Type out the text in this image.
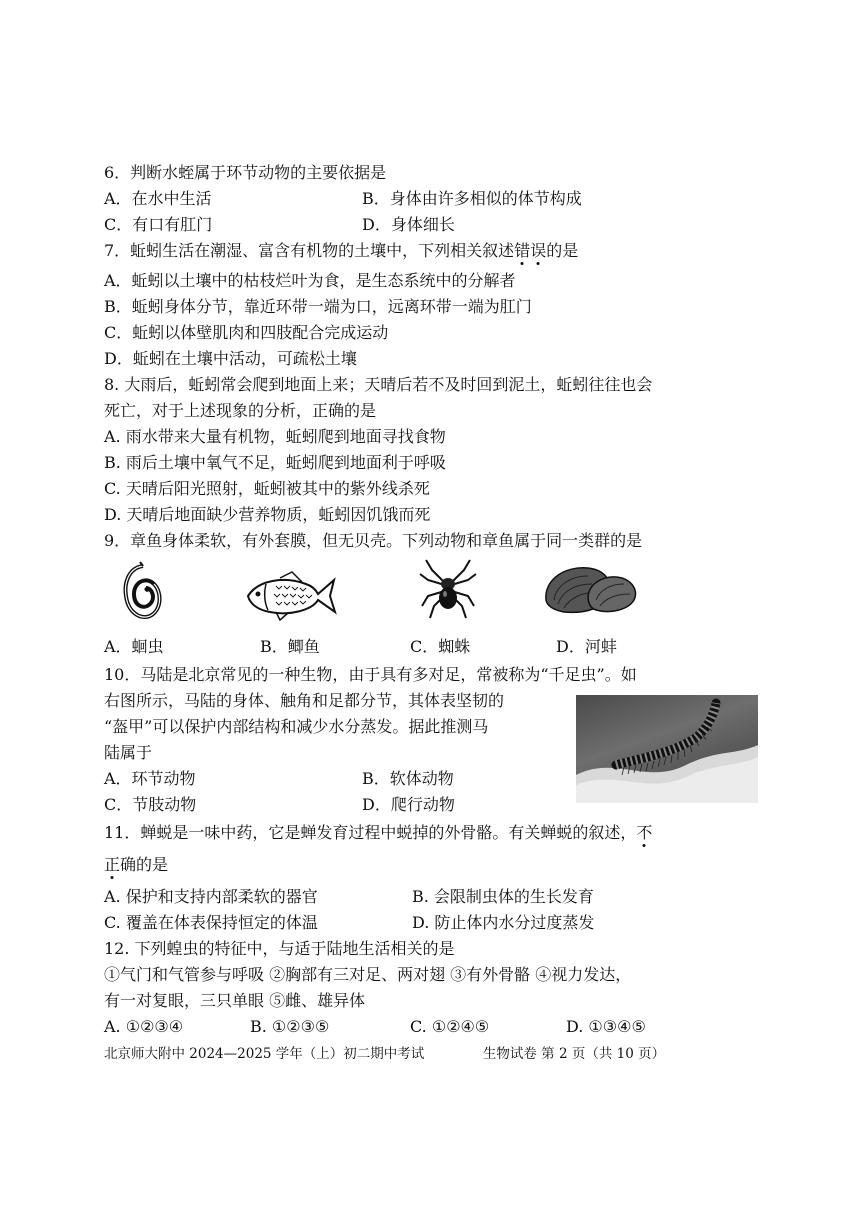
6．判断水蛭属于环节动物的主要依据是
A．在水中生活	B．身体由许多相似的体节构成
C．有口有肛门	D．身体细长
7．蚯蚓生活在潮湿、富含有机物的土壤中，下列相关叙述错误的是
A．蚯蚓以土壤中的枯枝烂叶为食，是生态系统中的分解者
B．蚯蚓身体分节，靠近环带一端为口，远离环带一端为肛门
C．蚯蚓以体壁肌肉和四肢配合完成运动
D．蚯蚓在土壤中活动，可疏松土壤
8. 大雨后，蚯蚓常会爬到地面上来；天晴后若不及时回到泥土，蚯蚓往往也会
死亡，对于上述现象的分析，正确的是
A. 雨水带来大量有机物，蚯蚓爬到地面寻找食物
B. 雨后土壤中氧气不足，蚯蚓爬到地面利于呼吸
C. 天晴后阳光照射，蚯蚓被其中的紫外线杀死
D. 天晴后地面缺少营养物质，蚯蚓因饥饿而死
9．章鱼身体柔软，有外套膜，但无贝壳。下列动物和章鱼属于同一类群的是
A．蛔虫	B．鲫鱼	C．蜘蛛	D．河蚌
10．马陆是北京常见的一种生物，由于具有多对足，常被称为“千足虫”。如
右图所示，马陆的身体、触角和足都分节，其体表坚韧的
“盔甲”可以保护内部结构和减少水分蒸发。据此推测马
陆属于
A．环节动物	B．软体动物
C．节肢动物	D．爬行动物
11．蝉蜕是一味中药，它是蝉发育过程中蜕掉的外骨骼。有关蝉蜕的叙述，不
正确的是
A. 保护和支持内部柔软的器官	B. 会限制虫体的生长发育
C. 覆盖在体表保持恒定的体温	D. 防止体内水分过度蒸发
12. 下列蝗虫的特征中，与适于陆地生活相关的是
①气门和气管参与呼吸 ②胸部有三对足、两对翅 ③有外骨骼 ④视力发达，
有一对复眼，三只单眼 ⑤雌、雄异体
A. ①②③④	B. ①②③⑤	C. ①②④⑤	D. ①③④⑤
北京师大附中 2024—2025 学年（上）初二期中考试	生物试卷 第 2 页（共 10 页）
